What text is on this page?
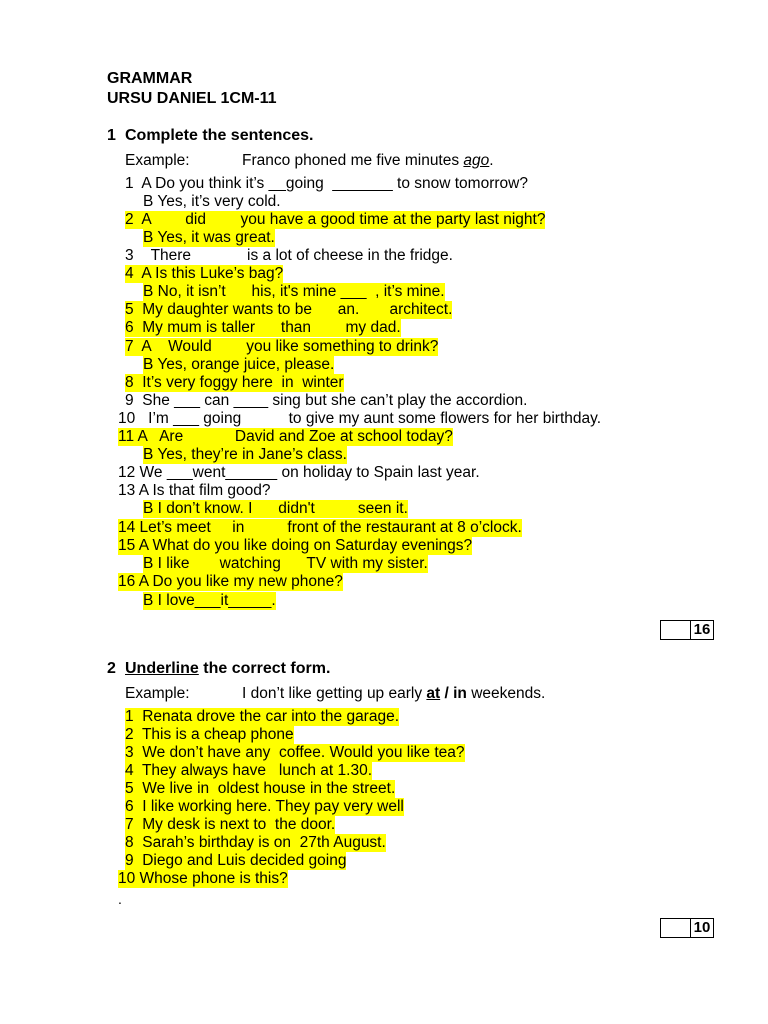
GRAMMAR
URSU DANIEL 1CM-11
1 Complete the sentences.
Example:	Franco phoned me five minutes ago.
1  A Do you think it’s __going  _______ to snow tomorrow?
B Yes, it’s very cold.
2  A        did        you have a good time at the party last night?
B Yes, it was great.
3    There             is a lot of cheese in the fridge.
4  A Is this Luke’s bag?
B No, it isn’t      his, it's mine ___  , it’s mine.
5  My daughter wants to be      an.       architect.
6  My mum is taller      than        my dad.
7  A    Would        you like something to drink?
B Yes, orange juice, please.
8  It’s very foggy here  in  winter
9  She ___ can ____ sing but she can’t play the accordion.
10   I’m ___ going           to give my aunt some flowers for her birthday.
11 A   Are            David and Zoe at school today?
B Yes, they’re in Jane’s class.
12 We ___went______ on holiday to Spain last year.
13 A Is that film good?
B I don’t know. I      didn't          seen it.
14 Let’s meet     in          front of the restaurant at 8 o’clock.
15 A What do you like doing on Saturday evenings?
B I like       watching      TV with my sister.
16 A Do you like my new phone?
B I love___it_____.
16
2 Underline the correct form.
Example:	I don’t like getting up early at / in weekends.
1  Renata drove the car into the garage.
2  This is a cheap phone
3  We don’t have any  coffee. Would you like tea?
4  They always have   lunch at 1.30.
5  We live in  oldest house in the street.
6  I like working here. They pay very well
7  My desk is next to  the door.
8  Sarah’s birthday is on  27th August.
9  Diego and Luis decided going
10 Whose phone is this?
.
10
